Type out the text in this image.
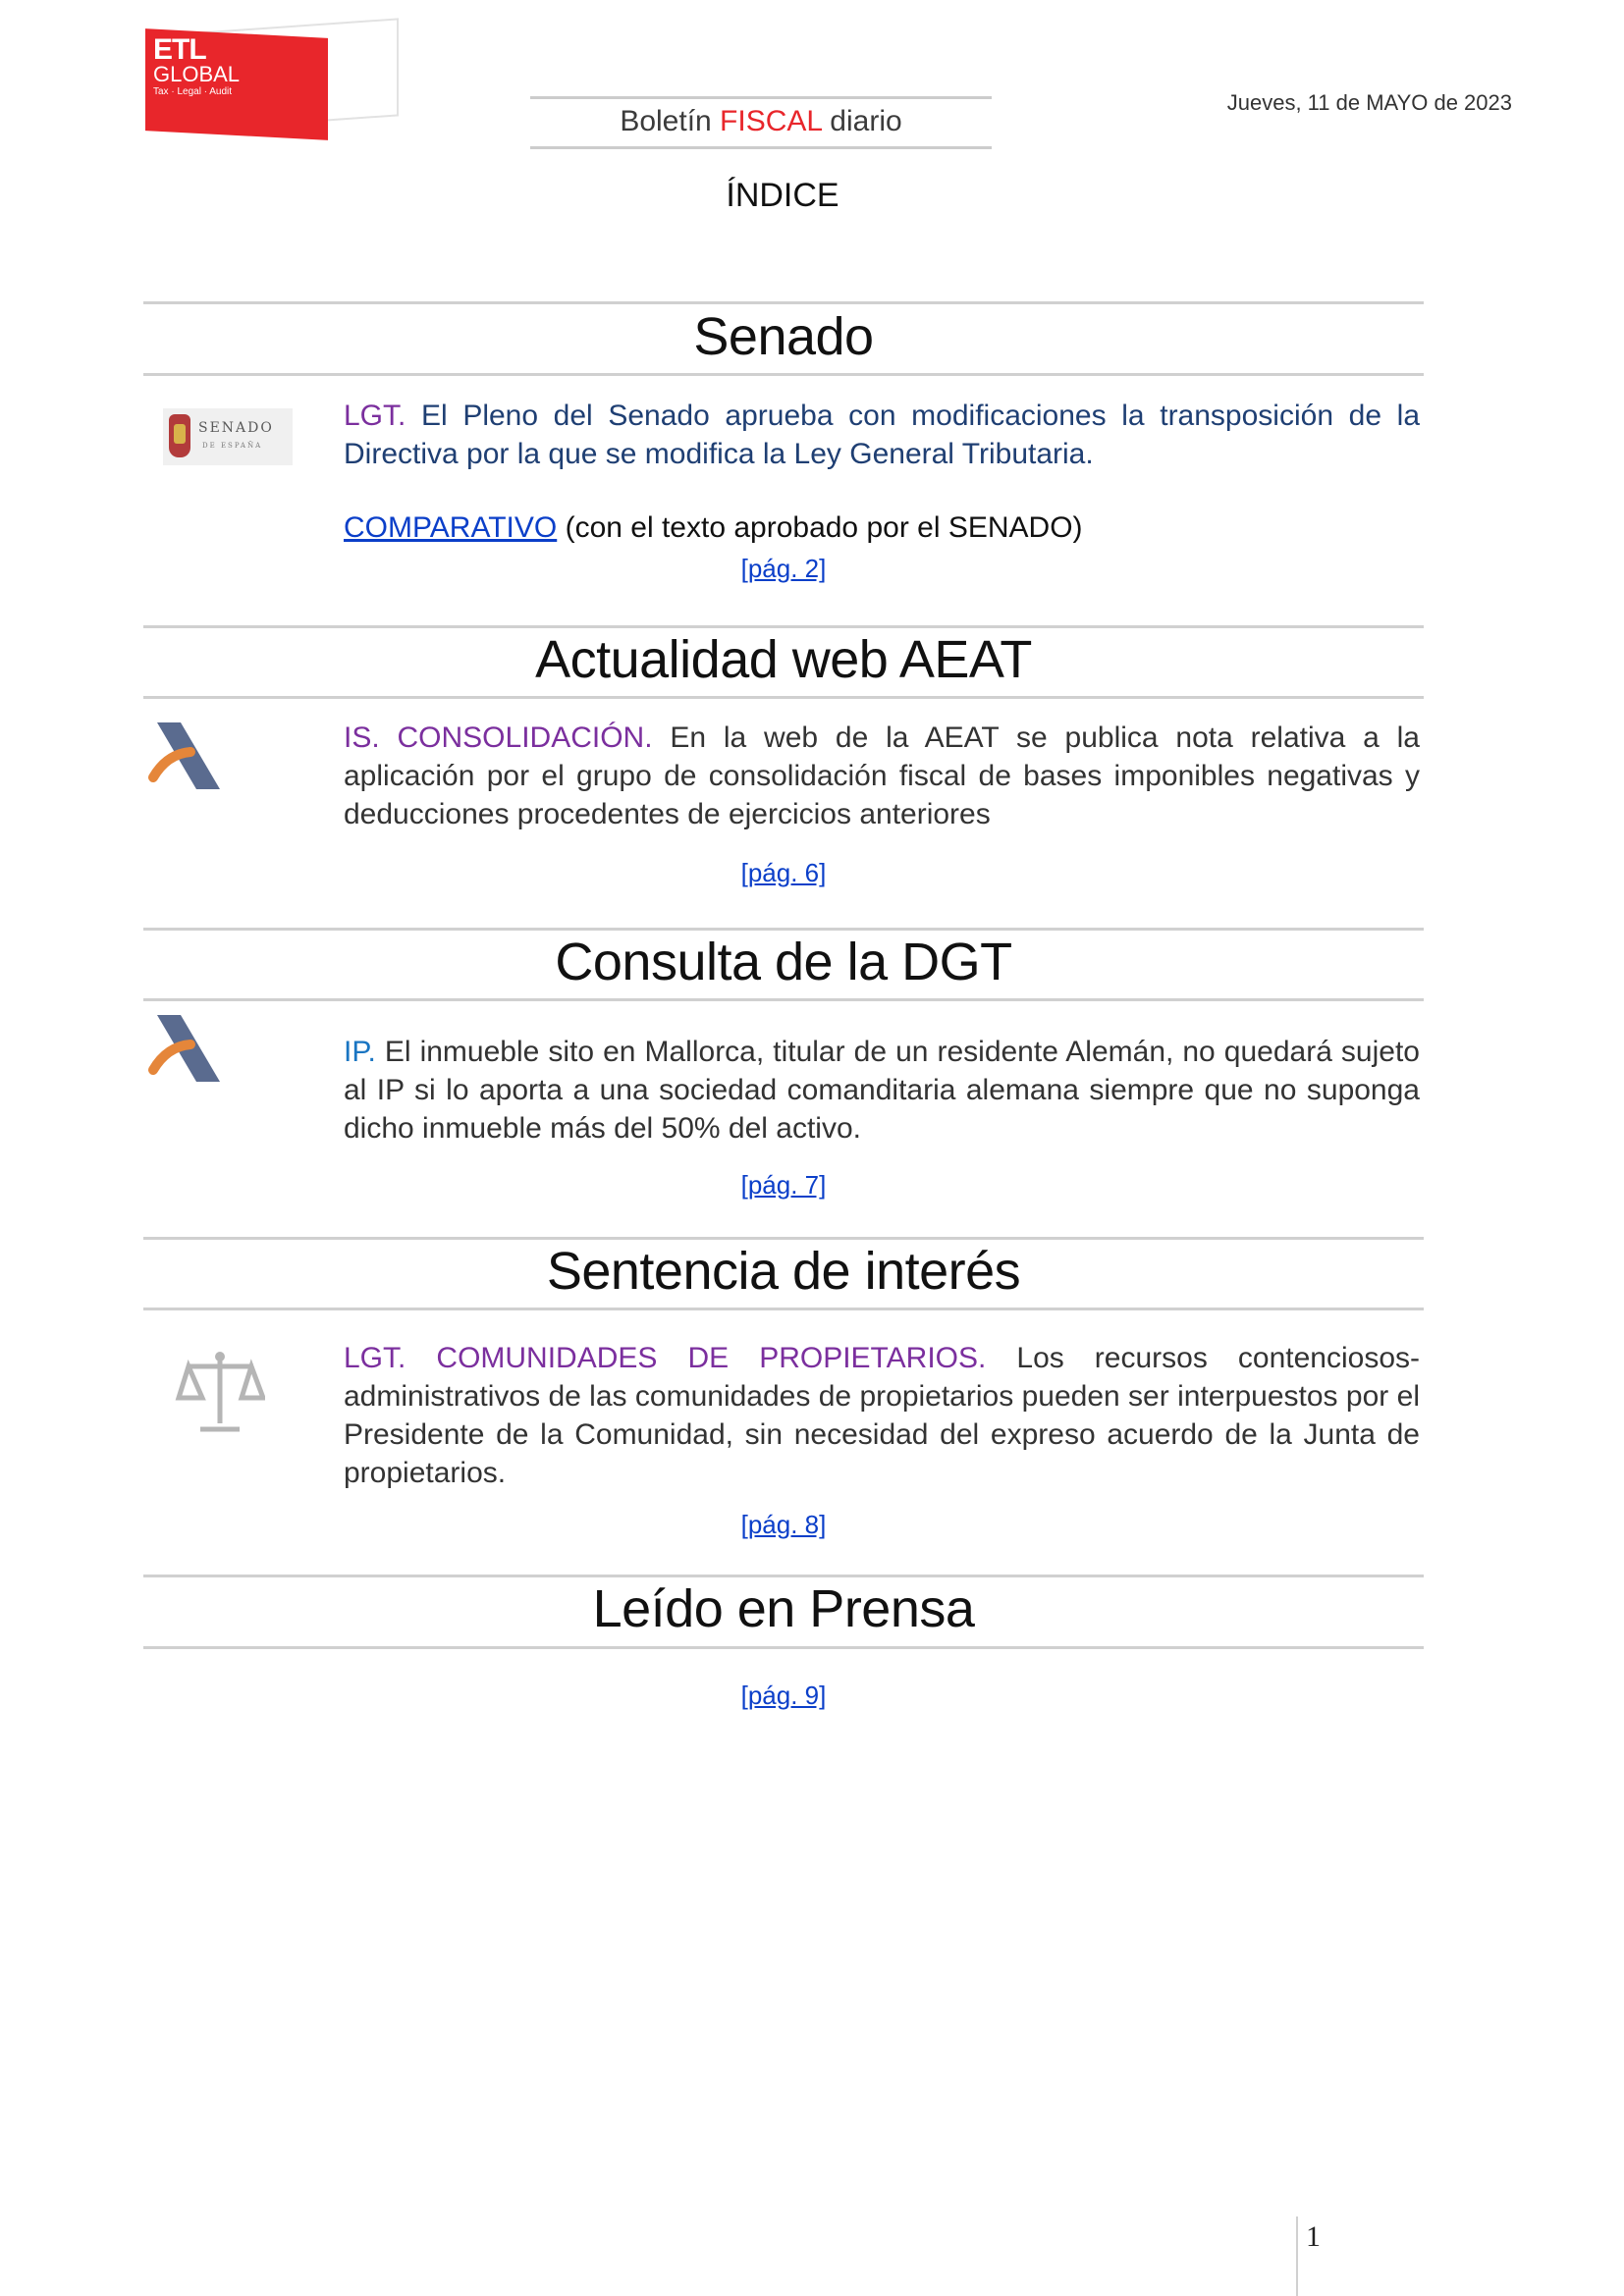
ETL
GLOBAL
Tax · Legal · Audit
Boletín FISCAL diario
Jueves, 11 de MAYO de 2023
ÍNDICE
Senado
SENADO
DE ESPAÑA
LGT. El Pleno del Senado aprueba con modificaciones la transposición de la Directiva por la que se modifica la Ley General Tributaria.
COMPARATIVO (con el texto aprobado por el SENADO)
[pág. 2]
Actualidad web AEAT
IS. CONSOLIDACIÓN. En la web de la AEAT se publica nota relativa a la aplicación por el grupo de consolidación fiscal de bases imponibles negativas y deducciones procedentes de ejercicios anteriores
[pág. 6]
Consulta de la DGT
IP. El inmueble sito en Mallorca, titular de un residente Alemán, no quedará sujeto al IP si lo aporta a una sociedad comanditaria alemana siempre que no suponga dicho inmueble más del 50% del activo.
[pág. 7]
Sentencia de interés
LGT. COMUNIDADES DE PROPIETARIOS. Los recursos contenciosos-administrativos de las comunidades de propietarios pueden ser interpuestos por el Presidente de la Comunidad, sin necesidad del expreso acuerdo de la Junta de propietarios.
[pág. 8]
Leído en Prensa
[pág. 9]
1
